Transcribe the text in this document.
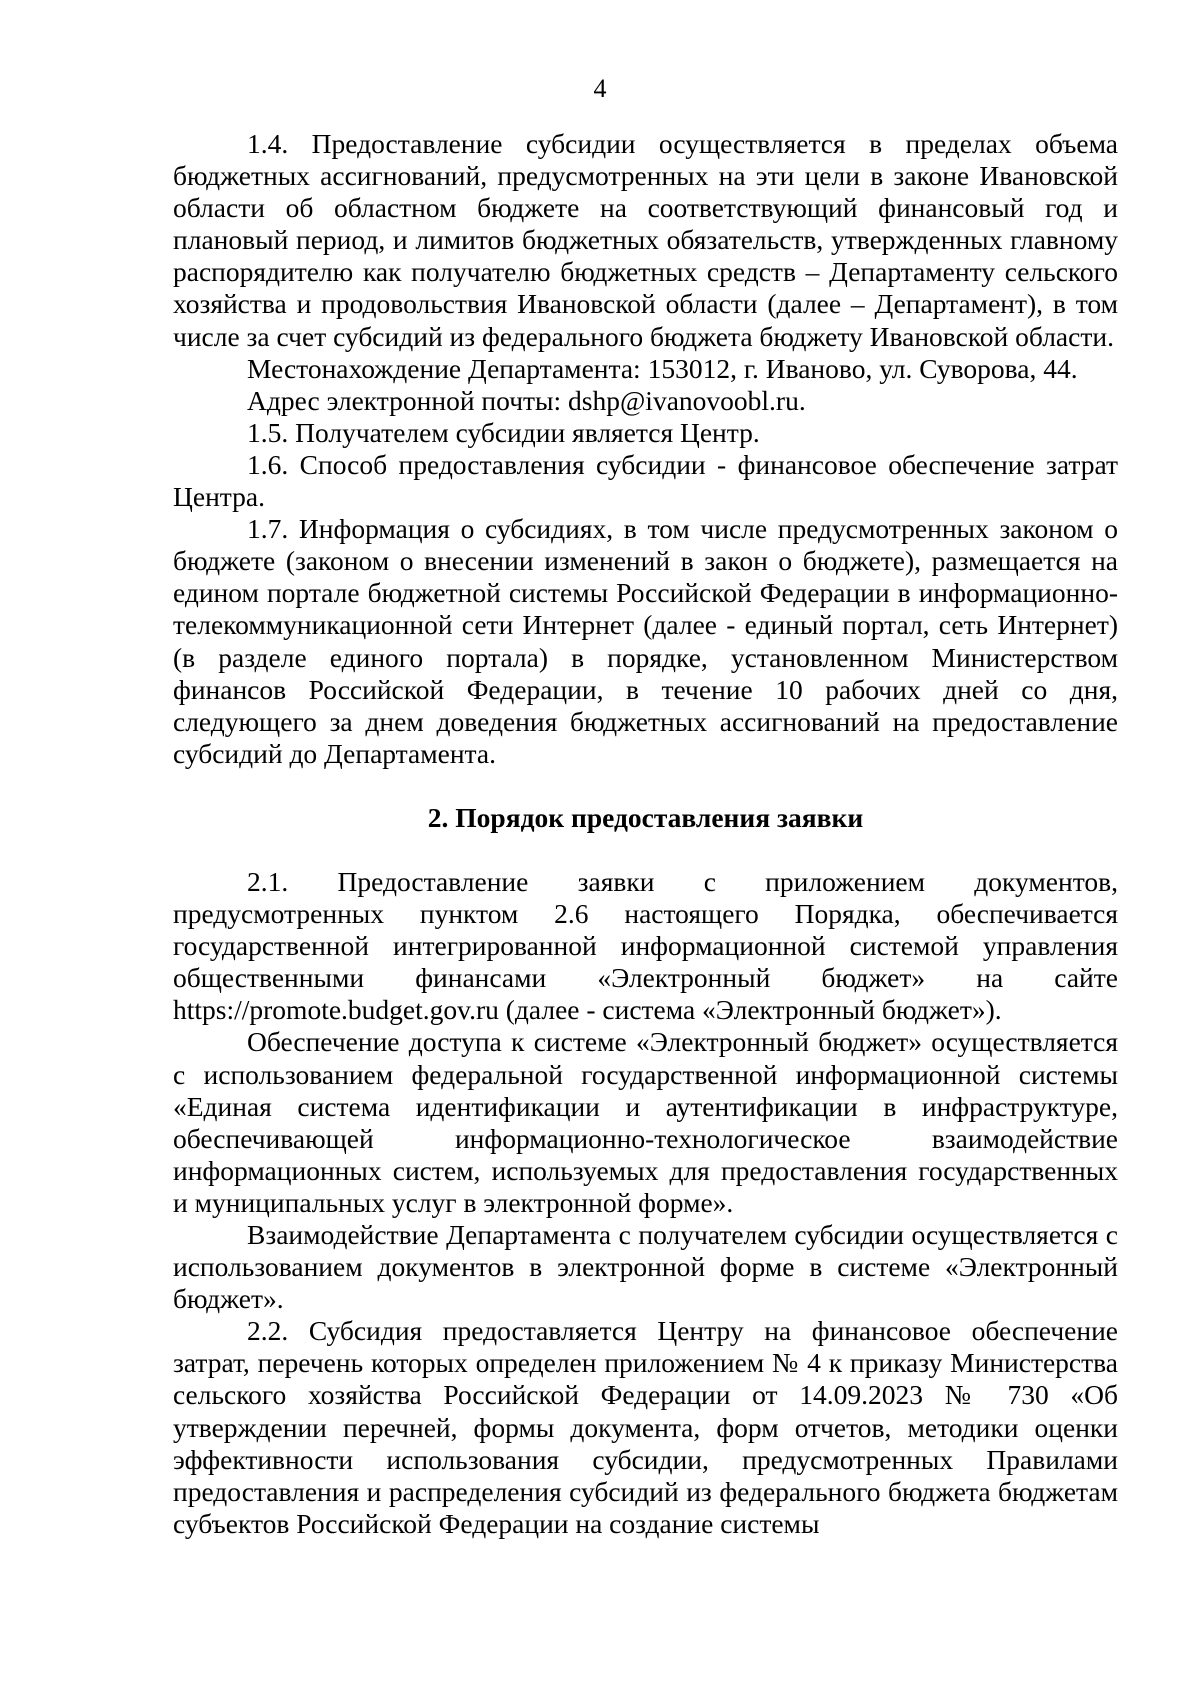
4

1.4. Предоставление субсидии осуществляется в пределах объема бюджетных ассигнований, предусмотренных на эти цели в законе Ивановской области об областном бюджете на соответствующий финансовый год и плановый период, и лимитов бюджетных обязательств, утвержденных главному распорядителю как получателю бюджетных средств – Департаменту сельского хозяйства и продовольствия Ивановской области (далее – Департамент), в том числе за счет субсидий из федерального бюджета бюджету Ивановской области.

Местонахождение Департамента: 153012, г. Иваново, ул. Суворова, 44.

Адрес электронной почты: dshp@ivanovoobl.ru.

1.5. Получателем субсидии является Центр.

1.6. Способ предоставления субсидии - финансовое обеспечение затрат Центра.

1.7. Информация о субсидиях, в том числе предусмотренных законом о бюджете (законом о внесении изменений в закон о бюджете), размещается на едином портале бюджетной системы Российской Федерации в информационно-телекоммуникационной сети Интернет (далее - единый портал, сеть Интернет) (в разделе единого портала) в порядке, установленном Министерством финансов Российской Федерации, в течение 10 рабочих дней со дня, следующего за днем доведения бюджетных ассигнований на предоставление субсидий до Департамента.

2. Порядок предоставления заявки

2.1. Предоставление заявки с приложением документов, предусмотренных пунктом 2.6 настоящего Порядка, обеспечивается государственной интегрированной информационной системой управления общественными финансами «Электронный бюджет» на сайте https://promote.budget.gov.ru (далее - система «Электронный бюджет»).

Обеспечение доступа к системе «Электронный бюджет» осуществляется с использованием федеральной государственной информационной системы «Единая система идентификации и аутентификации в инфраструктуре, обеспечивающей информационно-технологическое взаимодействие информационных систем, используемых для предоставления государственных и муниципальных услуг в электронной форме».

Взаимодействие Департамента с получателем субсидии осуществляется с использованием документов в электронной форме в системе «Электронный бюджет».

2.2. Субсидия предоставляется Центру на финансовое обеспечение затрат, перечень которых определен приложением № 4 к приказу Министерства сельского хозяйства Российской Федерации от 14.09.2023 № 730 «Об утверждении перечней, формы документа, форм отчетов, методики оценки эффективности использования субсидии, предусмотренных Правилами предоставления и распределения субсидий из федерального бюджета бюджетам субъектов Российской Федерации на создание системы
